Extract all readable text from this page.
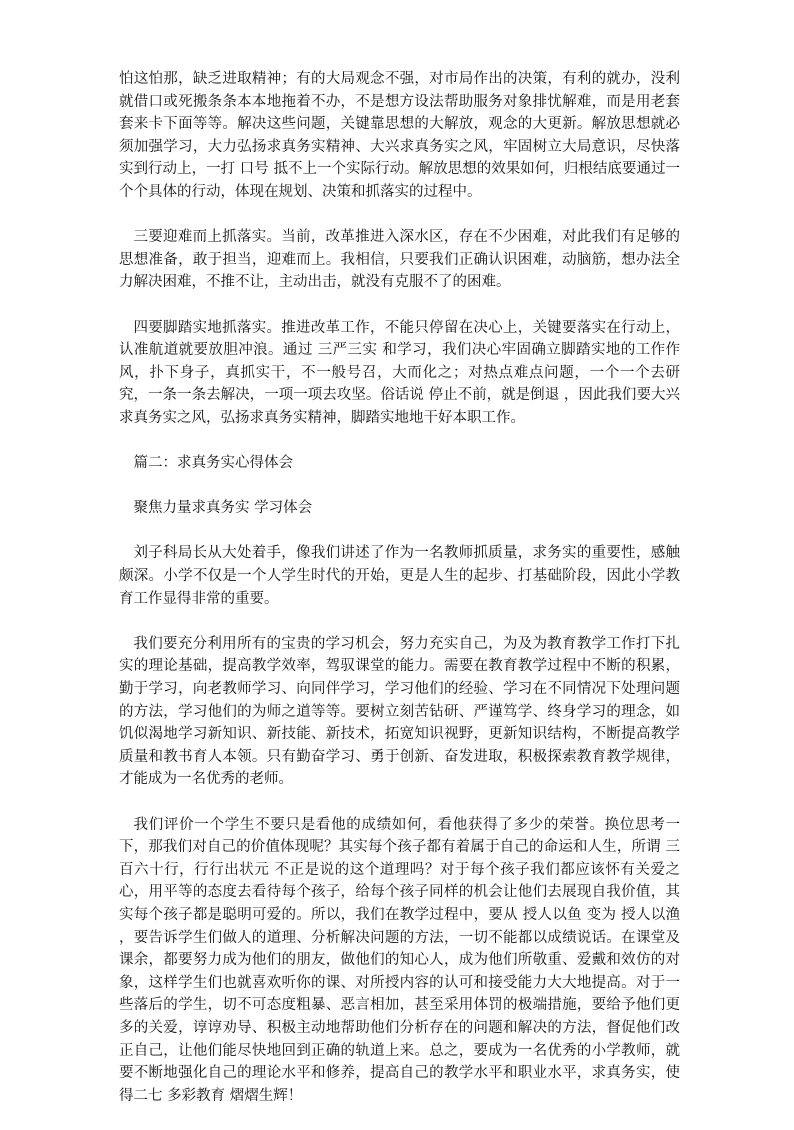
怕这怕那，缺乏进取精神；有的大局观念不强，对市局作出的决策，有利的就办，没利就借口或死搬条条本本地拖着不办，不是想方设法帮助服务对象排忧解难，而是用老套套来卡下面等等。解决这些问题，关键靠思想的大解放，观念的大更新。解放思想就必须加强学习，大力弘扬求真务实精神、大兴求真务实之风，牢固树立大局意识，尽快落实到行动上，一打 口号 抵不上一个实际行动。解放思想的效果如何，归根结底要通过一个个具体的行动，体现在规划、决策和抓落实的过程中。

三要迎难而上抓落实。当前，改革推进入深水区，存在不少困难，对此我们有足够的思想准备，敢于担当，迎难而上。我相信，只要我们正确认识困难，动脑筋，想办法全力解决困难，不推不让，主动出击，就没有克服不了的困难。

四要脚踏实地抓落实。推进改革工作，不能只停留在决心上，关键要落实在行动上，认准航道就要放胆冲浪。通过 三严三实 和学习，我们决心牢固确立脚踏实地的工作作风，扑下身子，真抓实干，不一般号召，大而化之；对热点难点问题，一个一个去研究，一条一条去解决，一项一项去攻坚。俗话说 停止不前，就是倒退 ，因此我们要大兴求真务实之风，弘扬求真务实精神，脚踏实地地干好本职工作。

篇二：求真务实心得体会

聚焦力量求真务实 学习体会

刘子科局长从大处着手，像我们讲述了作为一名教师抓质量，求务实的重要性，感触颇深。小学不仅是一个人学生时代的开始，更是人生的起步、打基础阶段，因此小学教育工作显得非常的重要。

我们要充分利用所有的宝贵的学习机会，努力充实自己，为及为教育教学工作打下扎实的理论基础，提高教学效率，驾驭课堂的能力。需要在教育教学过程中不断的积累，勤于学习，向老教师学习、向同伴学习，学习他们的经验、学习在不同情况下处理问题的方法，学习他们的为师之道等等。要树立刻苦钻研、严谨笃学、终身学习的理念，如饥似渴地学习新知识、新技能、新技术，拓宽知识视野，更新知识结构，不断提高教学质量和教书育人本领。只有勤奋学习、勇于创新、奋发进取，积极探索教育教学规律，才能成为一名优秀的老师。

我们评价一个学生不要只是看他的成绩如何，看他获得了多少的荣誉。换位思考一下，那我们对自己的价值体现呢？其实每个孩子都有着属于自己的命运和人生，所谓 三百六十行，行行出状元 不正是说的这个道理吗？对于每个孩子我们都应该怀有关爱之心，用平等的态度去看待每个孩子，给每个孩子同样的机会让他们去展现自我价值，其实每个孩子都是聪明可爱的。所以，我们在教学过程中，要从 授人以鱼 变为 授人以渔 ，要告诉学生们做人的道理、分析解决问题的方法，一切不能都以成绩说话。在课堂及课余，都要努力成为他们的朋友，做他们的知心人，成为他们所敬重、爱戴和效仿的对象，这样学生们也就喜欢听你的课、对所授内容的认可和接受能力大大地提高。对于一些落后的学生，切不可态度粗暴、恶言相加，甚至采用体罚的极端措施，要给予他们更多的关爱，谆谆劝导、积极主动地帮助他们分析存在的问题和解决的方法，督促他们改正自己，让他们能尽快地回到正确的轨道上来。总之，要成为一名优秀的小学教师，就要不断地强化自己的理论水平和修养，提高自己的教学水平和职业水平，求真务实，使得二七 多彩教育 熠熠生辉！
